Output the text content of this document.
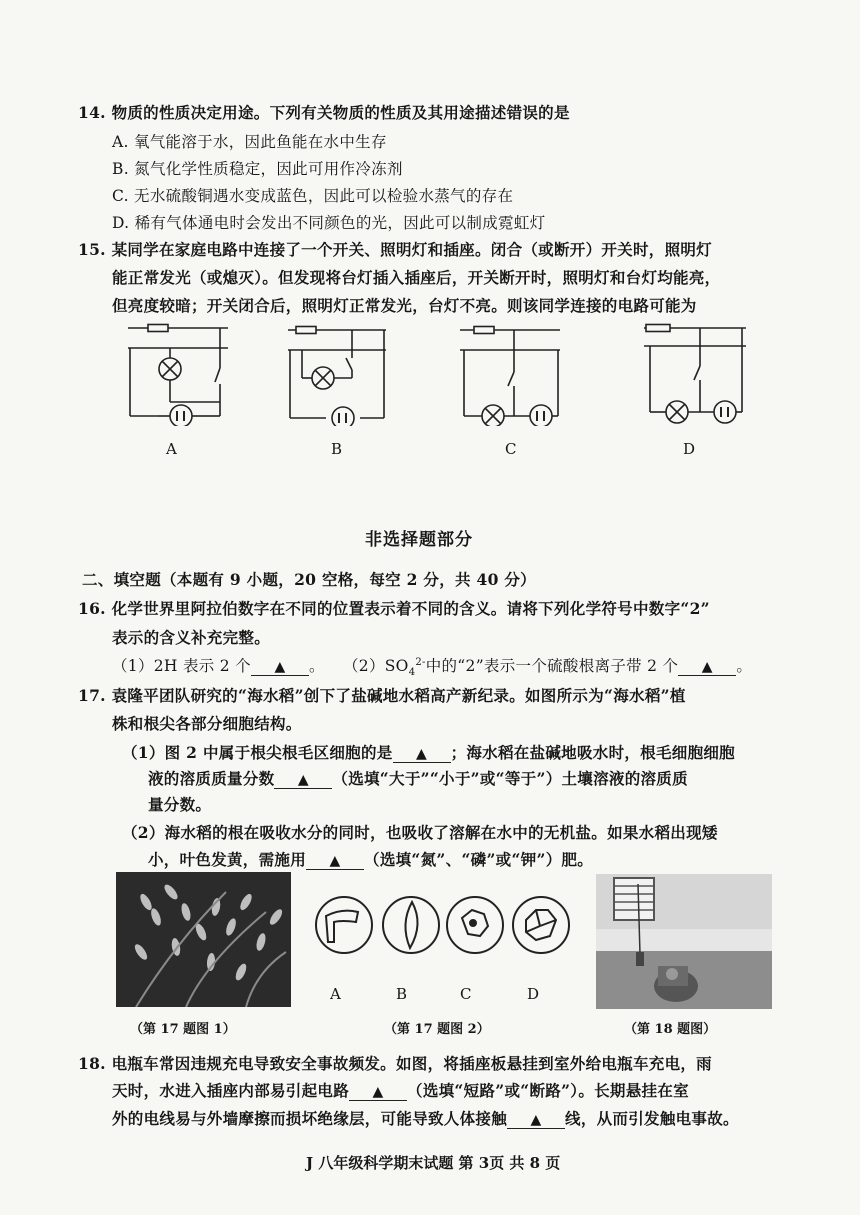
14. 物质的性质决定用途。下列有关物质的性质及其用途描述错误的是
A. 氧气能溶于水，因此鱼能在水中生存
B. 氮气化学性质稳定，因此可用作冷冻剂
C. 无水硫酸铜遇水变成蓝色，因此可以检验水蒸气的存在
D. 稀有气体通电时会发出不同颜色的光，因此可以制成霓虹灯
15. 某同学在家庭电路中连接了一个开关、照明灯和插座。闭合（或断开）开关时，照明灯
能正常发光（或熄灭）。但发现将台灯插入插座后，开关断开时，照明灯和台灯均能亮，
但亮度较暗；开关闭合后，照明灯正常发光，台灯不亮。则该同学连接的电路可能为
A	B	C	D
非选择题部分
二、填空题（本题有 9 小题，20 空格，每空 2 分，共 40 分）
16. 化学世界里阿拉伯数字在不同的位置表示着不同的含义。请将下列化学符号中数字“2”
表示的含义补充完整。
（1）2H 表示 2 个 ▲ 。 $(2)SO_4^{2-}$中的“2”表示一个硫酸根离子带 2 个 ▲ 。
17. 袁隆平团队研究的“海水稻”创下了盐碱地水稻高产新纪录。如图所示为“海水稻”植
株和根尖各部分细胞结构。
（1）图 2 中属于根尖根毛区细胞的是 ▲ ；海水稻在盐碱地吸水时，根毛细胞细胞
液的溶质质量分数 ▲ （选填“大于”“小于”或“等于”）土壤溶液的溶质质
量分数。
（2）海水稻的根在吸收水分的同时，也吸收了溶解在水中的无机盐。如果水稻出现矮
小，叶色发黄，需施用 ▲ （选填“氮”、“磷”或“钾”）肥。
A	B	C	D
（第 17 题图 1）	（第 17 题图 2）	（第 18 题图）
18. 电瓶车常因违规充电导致安全事故频发。如图，将插座板悬挂到室外给电瓶车充电，雨
天时，水进入插座内部易引起电路 ▲ （选填“短路”或“断路”）。长期悬挂在室
外的电线易与外墙摩擦而损坏绝缘层，可能导致人体接触 ▲ 线，从而引发触电事故。
J 八年级科学期末试题 第 3页 共 8 页
